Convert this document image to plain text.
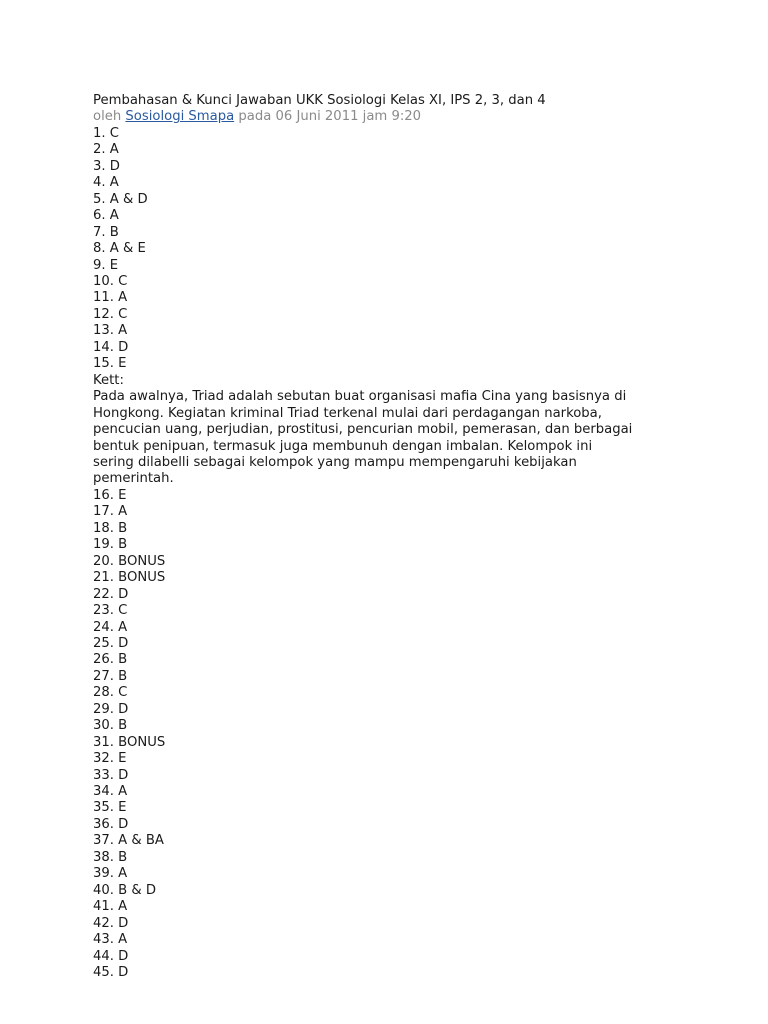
Pembahasan & Kunci Jawaban UKK Sosiologi Kelas XI, IPS 2, 3, dan 4
oleh Sosiologi Smapa pada 06 Juni 2011 jam 9:20
1. C
2. A
3. D
4. A
5. A & D
6. A
7. B
8. A & E
9. E
10. C
11. A
12. C
13. A
14. D
15. E
Kett:
Pada awalnya, Triad adalah sebutan buat organisasi mafia Cina yang basisnya di
Hongkong. Kegiatan kriminal Triad terkenal mulai dari perdagangan narkoba,
pencucian uang, perjudian, prostitusi, pencurian mobil, pemerasan, dan berbagai
bentuk penipuan, termasuk juga membunuh dengan imbalan. Kelompok ini
sering dilabelli sebagai kelompok yang mampu mempengaruhi kebijakan
pemerintah.
16. E
17. A
18. B
19. B
20. BONUS
21. BONUS
22. D
23. C
24. A
25. D
26. B
27. B
28. C
29. D
30. B
31. BONUS
32. E
33. D
34. A
35. E
36. D
37. A & BA
38. B
39. A
40. B & D
41. A
42. D
43. A
44. D
45. D
